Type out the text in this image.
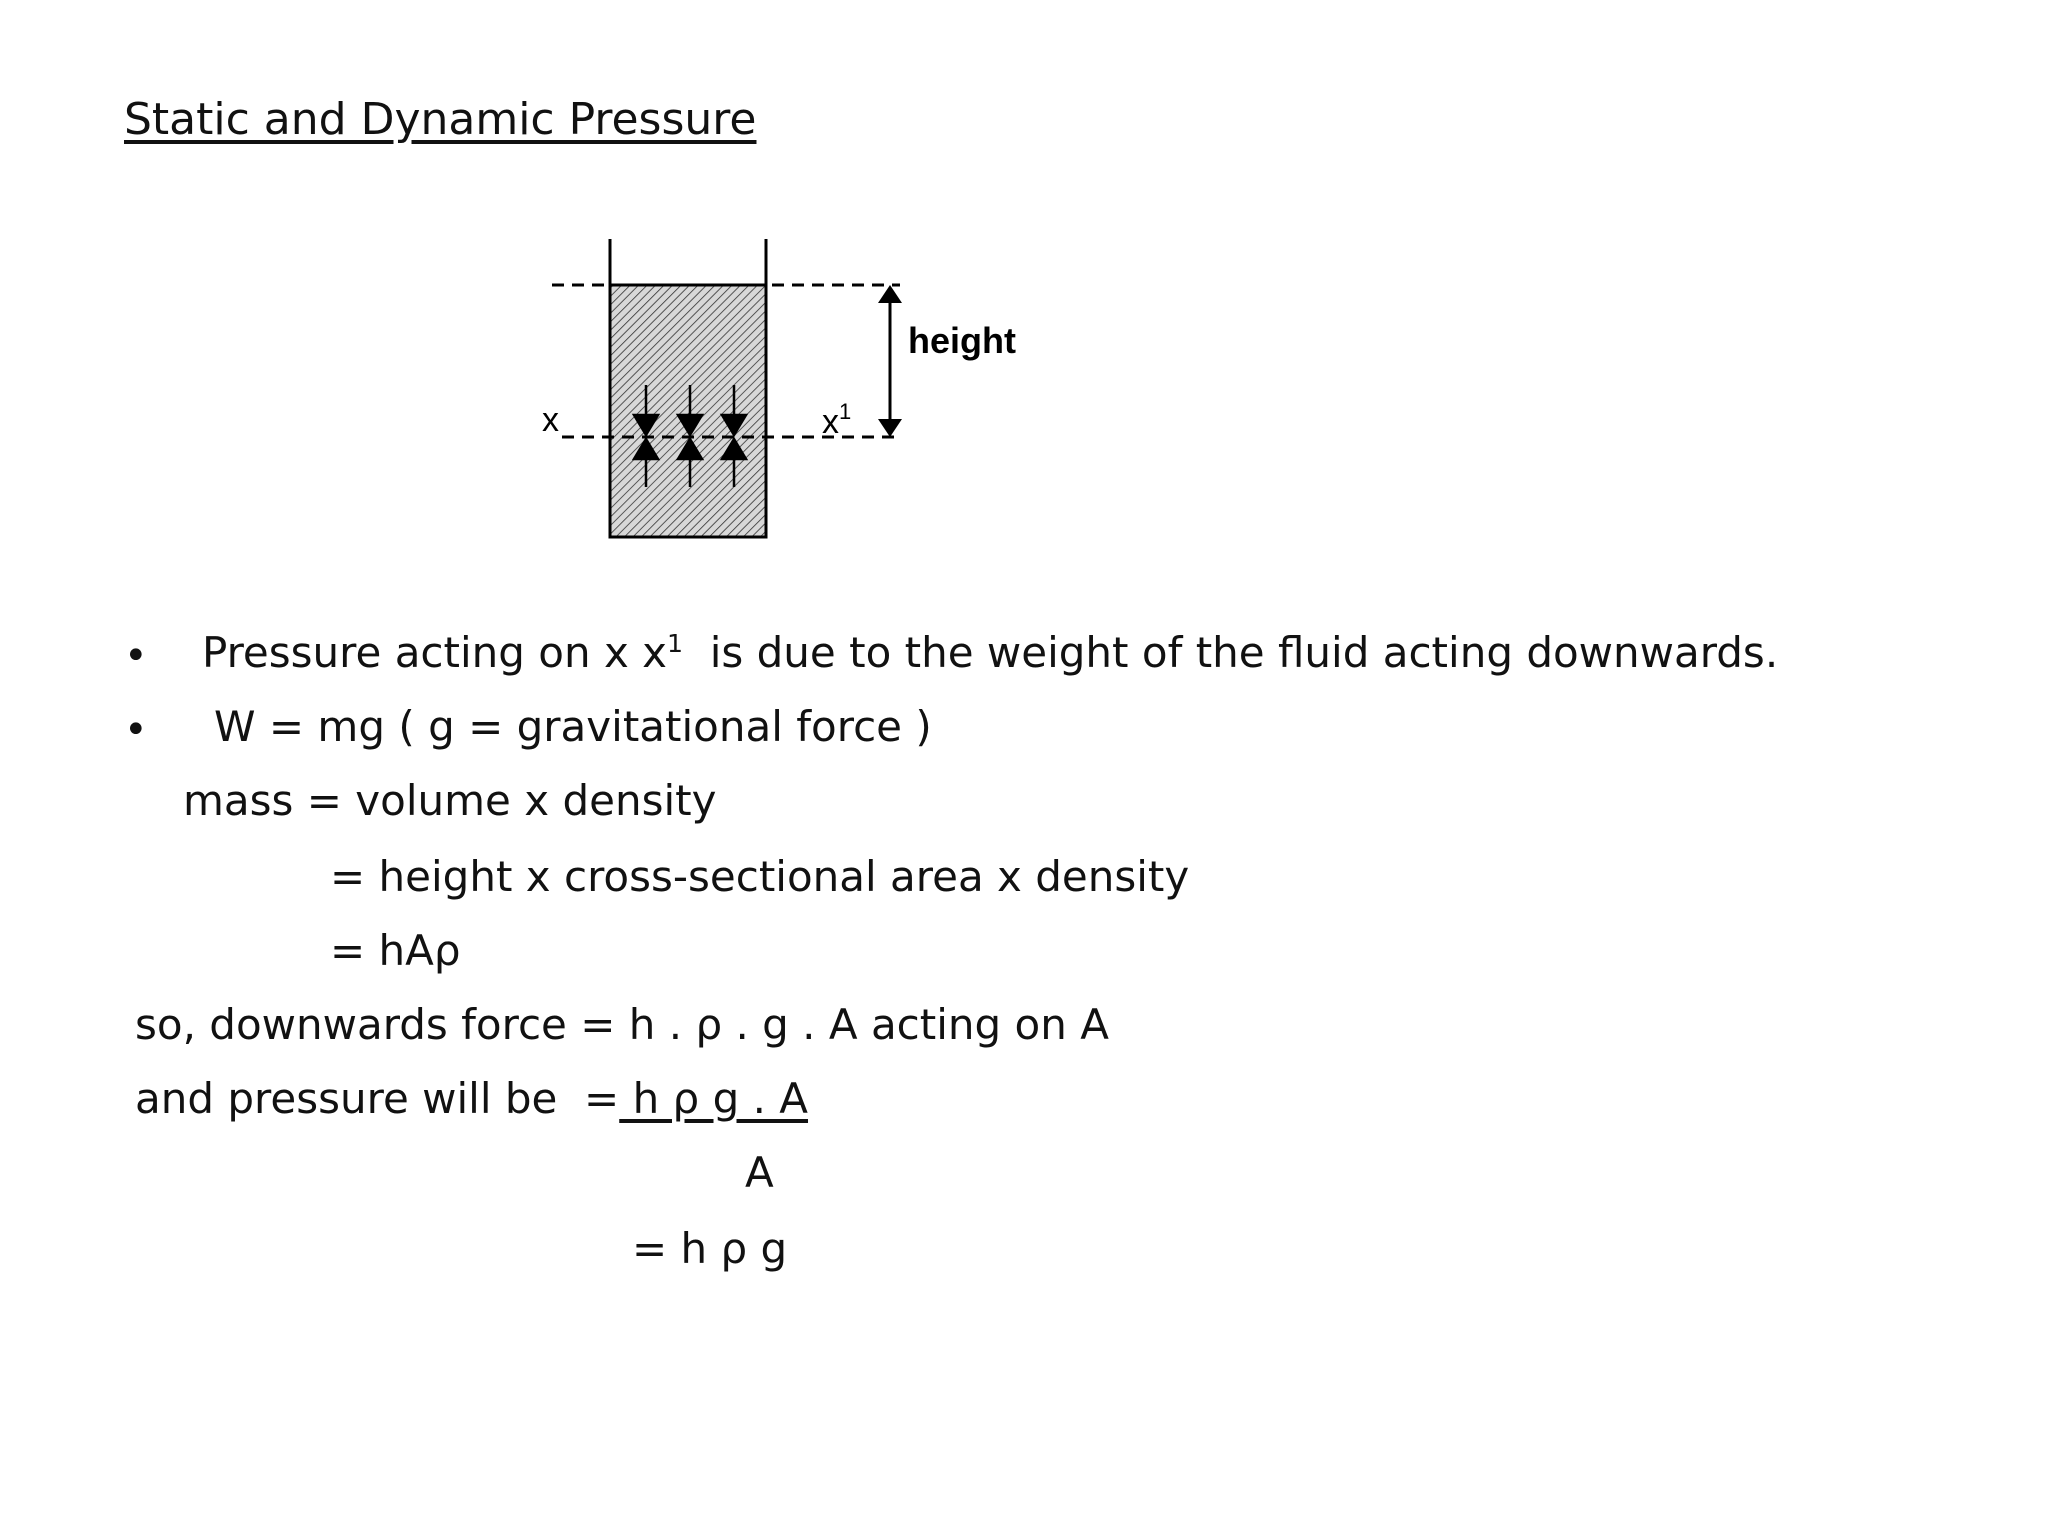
Static and Dynamic Pressure
x	$x^1$
height
• Pressure acting on x $x^1$  is due to the weight of the fluid acting downwards.
• W = mg ( g = gravitational force )
mass = volume x density
= height x cross-sectional area x density
= hAρ
so, downwards force = h . ρ . g . A acting on A
and pressure will be  = h ρ g . A
A
= h ρ g
